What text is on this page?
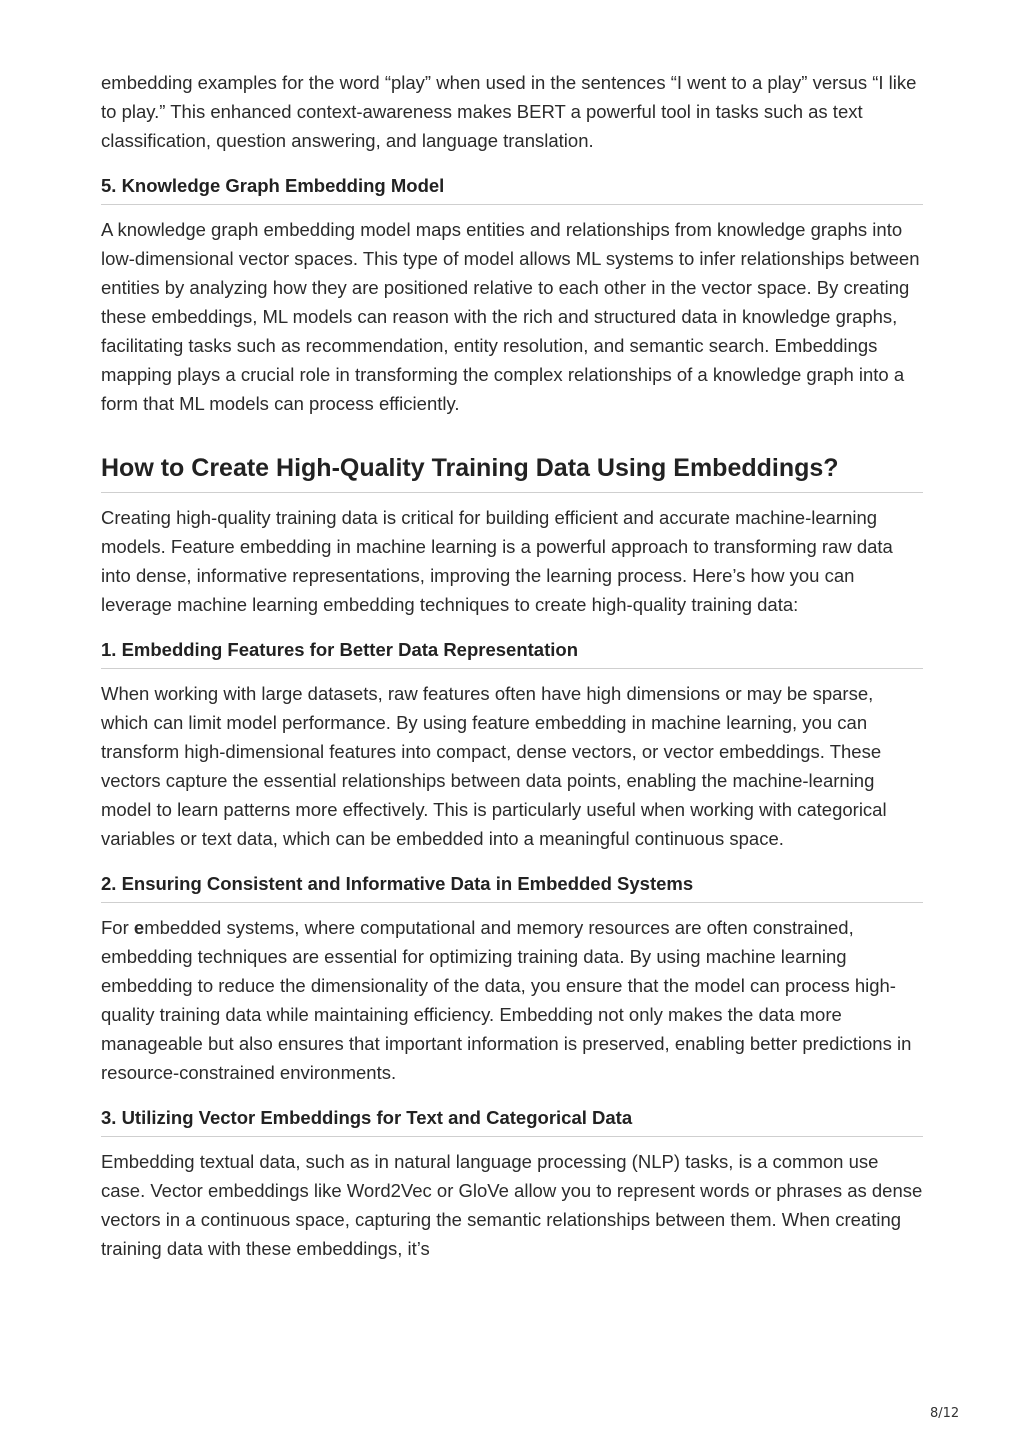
embedding examples for the word “play” when used in the sentences “I went to a play” versus “I like to play.” This enhanced context-awareness makes BERT a powerful tool in tasks such as text classification, question answering, and language translation.

5. Knowledge Graph Embedding Model

A knowledge graph embedding model maps entities and relationships from knowledge graphs into low-dimensional vector spaces. This type of model allows ML systems to infer relationships between entities by analyzing how they are positioned relative to each other in the vector space. By creating these embeddings, ML models can reason with the rich and structured data in knowledge graphs, facilitating tasks such as recommendation, entity resolution, and semantic search. Embeddings mapping plays a crucial role in transforming the complex relationships of a knowledge graph into a form that ML models can process efficiently.

How to Create High-Quality Training Data Using Embeddings?

Creating high-quality training data is critical for building efficient and accurate machine-learning models. Feature embedding in machine learning is a powerful approach to transforming raw data into dense, informative representations, improving the learning process. Here’s how you can leverage machine learning embedding techniques to create high-quality training data:

1. Embedding Features for Better Data Representation

When working with large datasets, raw features often have high dimensions or may be sparse, which can limit model performance. By using feature embedding in machine learning, you can transform high-dimensional features into compact, dense vectors, or vector embeddings. These vectors capture the essential relationships between data points, enabling the machine-learning model to learn patterns more effectively. This is particularly useful when working with categorical variables or text data, which can be embedded into a meaningful continuous space.

2. Ensuring Consistent and Informative Data in Embedded Systems

For embedded systems, where computational and memory resources are often constrained, embedding techniques are essential for optimizing training data. By using machine learning embedding to reduce the dimensionality of the data, you ensure that the model can process high-quality training data while maintaining efficiency. Embedding not only makes the data more manageable but also ensures that important information is preserved, enabling better predictions in resource-constrained environments.

3. Utilizing Vector Embeddings for Text and Categorical Data

Embedding textual data, such as in natural language processing (NLP) tasks, is a common use case. Vector embeddings like Word2Vec or GloVe allow you to represent words or phrases as dense vectors in a continuous space, capturing the semantic relationships between them. When creating training data with these embeddings, it’s

8/12
